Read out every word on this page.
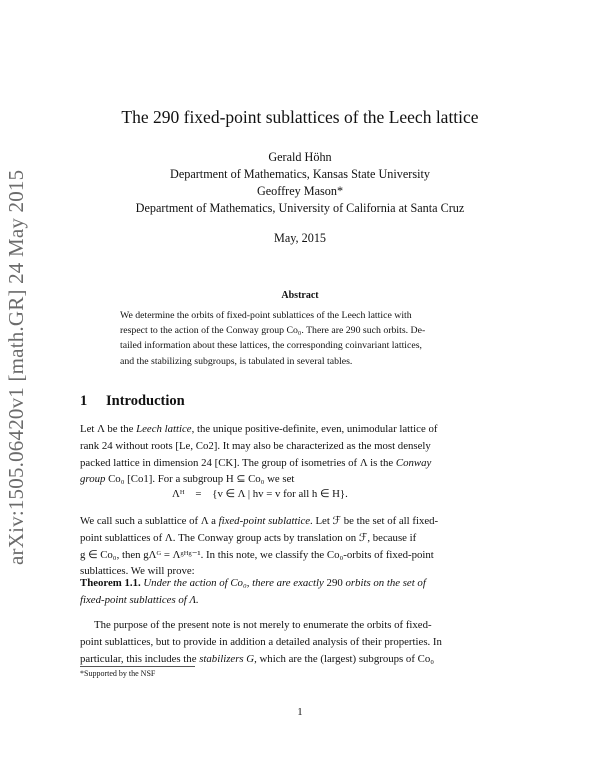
arXiv:1505.06420v1 [math.GR] 24 May 2015
The 290 fixed-point sublattices of the Leech lattice
Gerald Höhn
Department of Mathematics, Kansas State University
Geoffrey Mason*
Department of Mathematics, University of California at Santa Cruz
May, 2015
Abstract
We determine the orbits of fixed-point sublattices of the Leech lattice with
respect to the action of the Conway group Co₀. There are 290 such orbits. De-
tailed information about these lattices, the corresponding coinvariant lattices,
and the stabilizing subgroups, is tabulated in several tables.
1 Introduction
Let Λ be the Leech lattice, the unique positive-definite, even, unimodular lattice of
rank 24 without roots [Le, Co2]. It may also be characterized as the most densely
packed lattice in dimension 24 [CK]. The group of isometries of Λ is the Conway
group Co₀ [Co1]. For a subgroup H ⊆ Co₀ we set
Λᴴ = {v ∈ Λ | hv = v for all h ∈ H}.
We call such a sublattice of Λ a fixed-point sublattice. Let ℱ be the set of all fixed-
point sublattices of Λ. The Conway group acts by translation on ℱ, because if
g ∈ Co₀, then gΛᴳ = Λᵍᴴᵍ⁻¹. In this note, we classify the Co₀-orbits of fixed-point
sublattices. We will prove:
Theorem 1.1. Under the action of Co₀, there are exactly 290 orbits on the set of
fixed-point sublattices of Λ.
The purpose of the present note is not merely to enumerate the orbits of fixed-
point sublattices, but to provide in addition a detailed analysis of their properties. In
particular, this includes the stabilizers G, which are the (largest) subgroups of Co₀
*Supported by the NSF
1
